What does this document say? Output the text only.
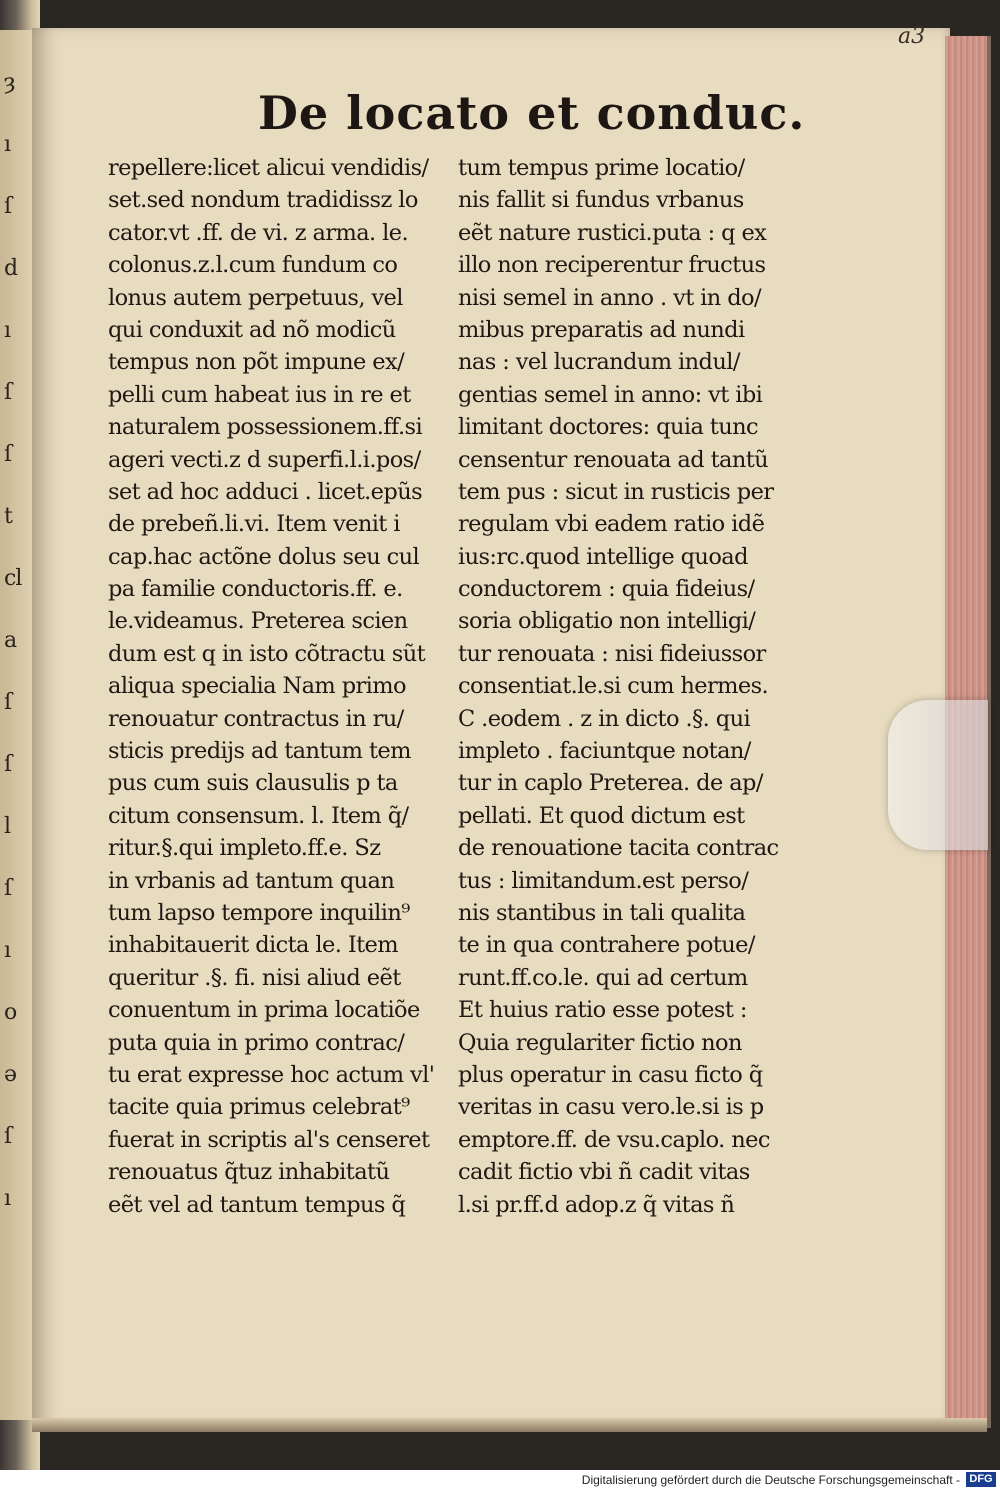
ȝ
ı
ſ
d
ı
ſ
ſ
t
cl
a
ſ
ſ
l
ſ
ı
o
ǝ
ſ
ı
a3
De locato et conduc.
repellere:licet alicui vendidis/
set.sed nondum tradidissz lo
cator.vt .ff. de vi. z arma. le.
colonus.z.l.cum fundum co
lonus autem perpetuus, vel
qui conduxit ad nõ modicũ
tempus non põt impune ex/
pelli cum habeat ius in re et
naturalem possessionem.ff.si
ageri vecti.z d superfi.l.i.pos/
set ad hoc adduci . licet.epũs
de prebeñ.li.vi. Item venit i
cap.hac actõne dolus seu cul
pa familie conductoris.ff. e.
le.videamus. Preterea scien
dum est q in isto cõtractu sũt
aliqua specialia Nam primo
renouatur contractus in ru/
sticis predijs ad tantum tem
pus cum suis clausulis p ta
citum consensum. l. Item q̃/
ritur.§.qui impleto.ff.e. Sz
in vrbanis ad tantum quan
tum lapso tempore inquilin⁹
inhabitauerit dicta le. Item
queritur .§. fi. nisi aliud eẽt
conuentum in prima locatiõe
puta quia in primo contrac/
tu erat expresse hoc actum vl'
tacite quia primus celebrat⁹
fuerat in scriptis al's censeret
renouatus q̃tuz inhabitatũ
eẽt vel ad tantum tempus q̃
tum tempus prime locatio/
nis fallit si fundus vrbanus
eẽt nature rustici.puta : q ex
illo non reciperentur fructus
nisi semel in anno . vt in do/
mibus preparatis ad nundi
nas : vel lucrandum indul/
gentias semel in anno: vt ibi
limitant doctores: quia tunc
censentur renouata ad tantũ
tem pus : sicut in rusticis per
regulam vbi eadem ratio idẽ
ius:rc.quod intellige quoad
conductorem : quia fideius/
soria obligatio non intelligi/
tur renouata : nisi fideiussor
consentiat.le.si cum hermes.
C .eodem . z in dicto .§. qui
impleto . faciuntque notan/
tur in caplo Preterea. de ap/
pellati. Et quod dictum est
de renouatione tacita contrac
tus : limitandum.est perso/
nis stantibus in tali qualita
te in qua contrahere potue/
runt.ff.co.le. qui ad certum
Et huius ratio esse potest :
Quia regulariter fictio non
plus operatur in casu ficto q̃
veritas in casu vero.le.si is p
emptore.ff. de vsu.caplo. nec
cadit fictio vbi ñ cadit vitas
l.si pr.ff.d adop.z q̃ vitas ñ
Digitalisierung gefördert durch die Deutsche Forschungsgemeinschaft - DFG
